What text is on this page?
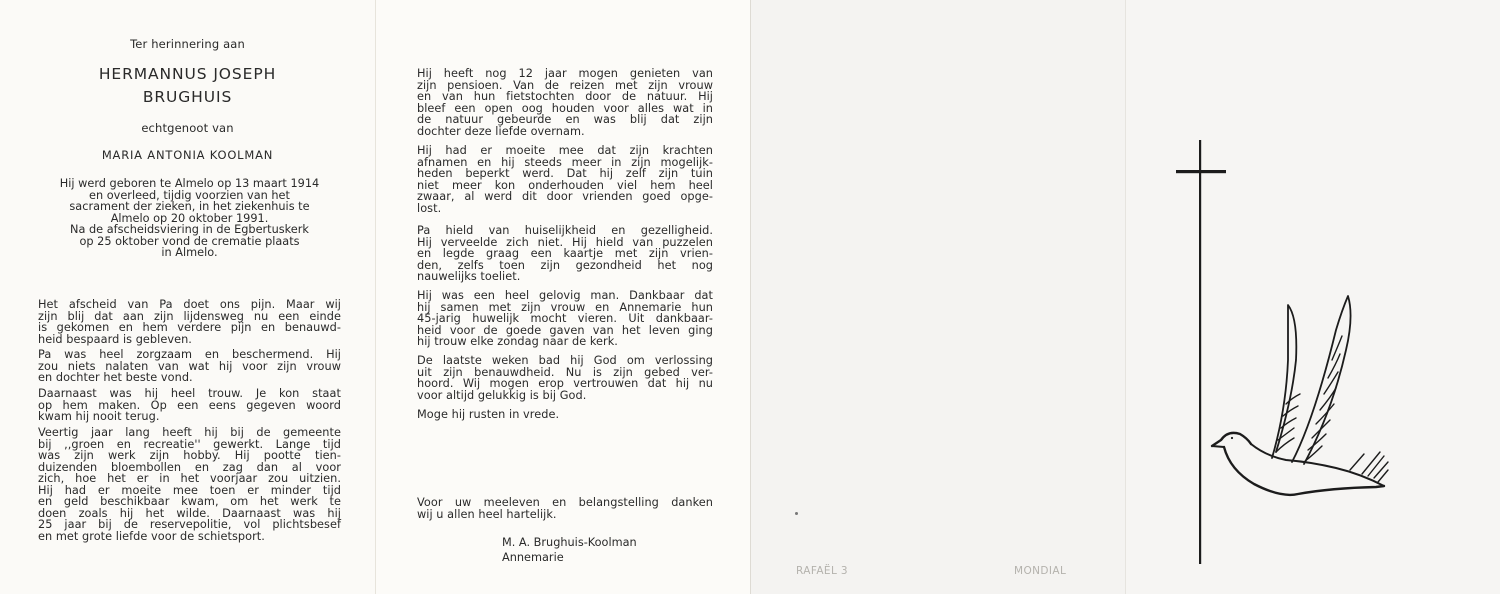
Ter herinnering aan
HERMANNUS JOSEPH
BRUGHUIS
echtgenoot van
MARIA ANTONIA KOOLMAN
Hij werd geboren te Almelo op 13 maart 1914
en overleed, tijdig voorzien van het
sacrament der zieken, in het ziekenhuis te
Almelo op 20 oktober 1991.
Na de afscheidsviering in de Egbertuskerk
op 25 oktober vond de crematie plaats
in Almelo.
Het afscheid van Pa doet ons pijn. Maar wij
zijn blij dat aan zijn lijdensweg nu een einde
is gekomen en hem verdere pijn en benauwd-
heid bespaard is gebleven.
Pa was heel zorgzaam en beschermend. Hij
zou niets nalaten van wat hij voor zijn vrouw
en dochter het beste vond.
Daarnaast was hij heel trouw. Je kon staat
op hem maken. Op een eens gegeven woord
kwam hij nooit terug.
Veertig jaar lang heeft hij bij de gemeente
bij ,,groen en recreatie'' gewerkt. Lange tijd
was zijn werk zijn hobby. Hij pootte tien-
duizenden bloembollen en zag dan al voor
zich, hoe het er in het voorjaar zou uitzien.
Hij had er moeite mee toen er minder tijd
en geld beschikbaar kwam, om het werk te
doen zoals hij het wilde. Daarnaast was hij
25 jaar bij de reservepolitie, vol plichtsbesef
en met grote liefde voor de schietsport.
Hij heeft nog 12 jaar mogen genieten van
zijn pensioen. Van de reizen met zijn vrouw
en van hun fietstochten door de natuur. Hij
bleef een open oog houden voor alles wat in
de natuur gebeurde en was blij dat zijn
dochter deze liefde overnam.
Hij had er moeite mee dat zijn krachten
afnamen en hij steeds meer in zijn mogelijk-
heden beperkt werd. Dat hij zelf zijn tuin
niet meer kon onderhouden viel hem heel
zwaar, al werd dit door vrienden goed opge-
lost.
Pa hield van huiselijkheid en gezelligheid.
Hij verveelde zich niet. Hij hield van puzzelen
en legde graag een kaartje met zijn vrien-
den, zelfs toen zijn gezondheid het nog
nauwelijks toeliet.
Hij was een heel gelovig man. Dankbaar dat
hij samen met zijn vrouw en Annemarie hun
45-jarig huwelijk mocht vieren. Uit dankbaar-
heid voor de goede gaven van het leven ging
hij trouw elke zondag naar de kerk.
De laatste weken bad hij God om verlossing
uit zijn benauwdheid. Nu is zijn gebed ver-
hoord. Wij mogen erop vertrouwen dat hij nu
voor altijd gelukkig is bij God.
Moge hij rusten in vrede.
Voor uw meeleven en belangstelling danken
wij u allen heel hartelijk.
M. A. Brughuis-Koolman
Annemarie
RAFAËL 3	MONDIAL
